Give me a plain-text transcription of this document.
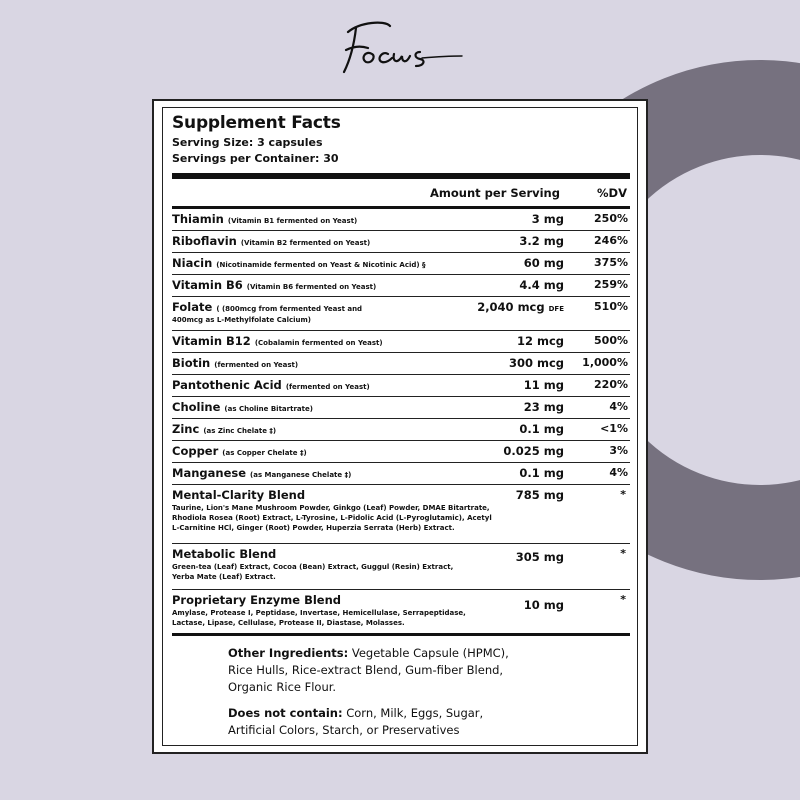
Supplement Facts
Serving Size: 3 capsules
Servings per Container: 30
Amount per Serving	%DV
Thiamin (Vitamin B1 fermented on Yeast)	3 mg	250%
Riboflavin (Vitamin B2 fermented on Yeast)	3.2 mg	246%
Niacin (Nicotinamide fermented on Yeast & Nicotinic Acid) §	60 mg	375%
Vitamin B6 (Vitamin B6 fermented on Yeast)	4.4 mg	259%
Folate ( (800mcg from fermented Yeast and
400mcg as L-Methylfolate Calcium)
2,040 mcg DFE	510%
Vitamin B12 (Cobalamin fermented on Yeast)	12 mcg	500%
Biotin (fermented on Yeast)	300 mcg 1,000%
Pantothenic Acid (fermented on Yeast)	11 mg	220%
Choline (as Choline Bitartrate)	23 mg	4%
Zinc (as Zinc Chelate ‡)	0.1 mg	<1%
Copper (as Copper Chelate ‡)	0.025 mg	3%
Manganese (as Manganese Chelate ‡)	0.1 mg	4%
Mental-Clarity Blend
Taurine, Lion's Mane Mushroom Powder, Ginkgo (Leaf) Powder, DMAE Bitartrate,
Rhodiola Rosea (Root) Extract, L-Tyrosine, L-Pidolic Acid (L-Pyroglutamic), Acetyl
L-Carnitine HCl, Ginger (Root) Powder, Huperzia Serrata (Herb) Extract.
785 mg	*
Metabolic Blend
Green-tea (Leaf) Extract, Cocoa (Bean) Extract, Guggul (Resin) Extract,
Yerba Mate (Leaf) Extract.
305 mg	*
Proprietary Enzyme Blend
Amylase, Protease I, Peptidase, Invertase, Hemicellulase, Serrapeptidase,
Lactase, Lipase, Cellulase, Protease II, Diastase, Molasses.
10 mg	*
Other Ingredients: Vegetable Capsule (HPMC),
Rice Hulls, Rice-extract Blend, Gum-fiber Blend,
Organic Rice Flour.
Does not contain: Corn, Milk, Eggs, Sugar,
Artificial Colors, Starch, or Preservatives
